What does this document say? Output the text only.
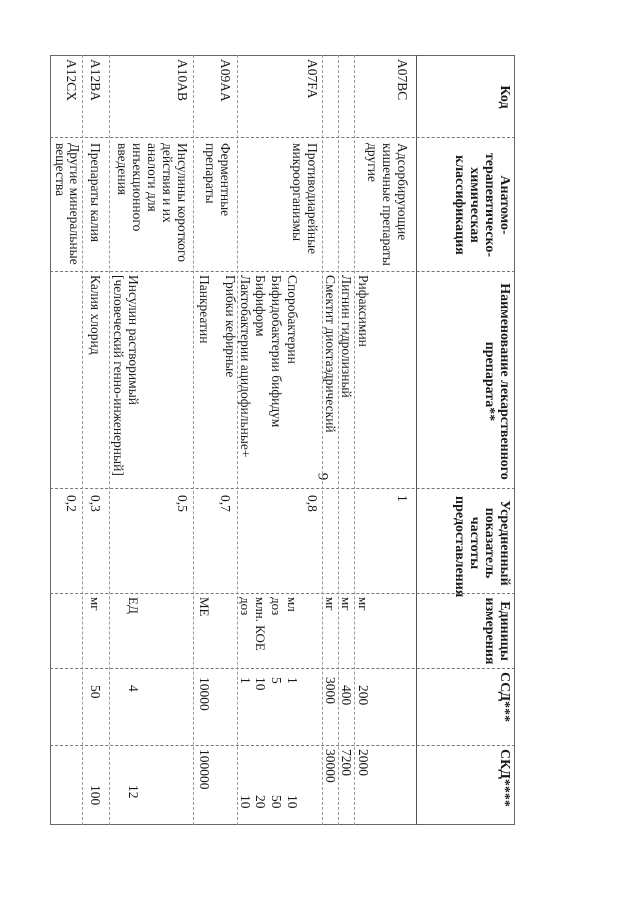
9
Код
Анатомо-терапевтическо-химическая классификация
Наименование лекарственного препарата**
Усредненный показатель частоты предоставления
Единицы измерения
ССД***
СКД****
A07BC
Адсорбирующие кишечные препараты другие
Рифаксимин
1
мг
200
2000
Лигнин гидролизный
мг
400
7200
Смектит диоктаэдрический
мг
3000
30000
A07FA
Противодиарейные микроорганизмы
0,8
Споробактерин
мл
1
10
Бифидобактерии бифидум
доз
5
50
Бифиформ
млн. КОЕ
10
20
Лактобактерии ацидофильные+ Грибки кефирные
доз
1
10
A09AA
Ферментные препараты
Панкреатин
0,7
МЕ
10000
100000
A10AB
Инсулины короткого действия и их аналоги для инъекционного введения
Инсулин растворимый [человеческий генно-инженерный]
0,5
ЕД
4
12
A12BA
Препараты калия
Калия хлорид
0,3
мг
50
100
A12CX
Другие минеральные вещества
0,2
